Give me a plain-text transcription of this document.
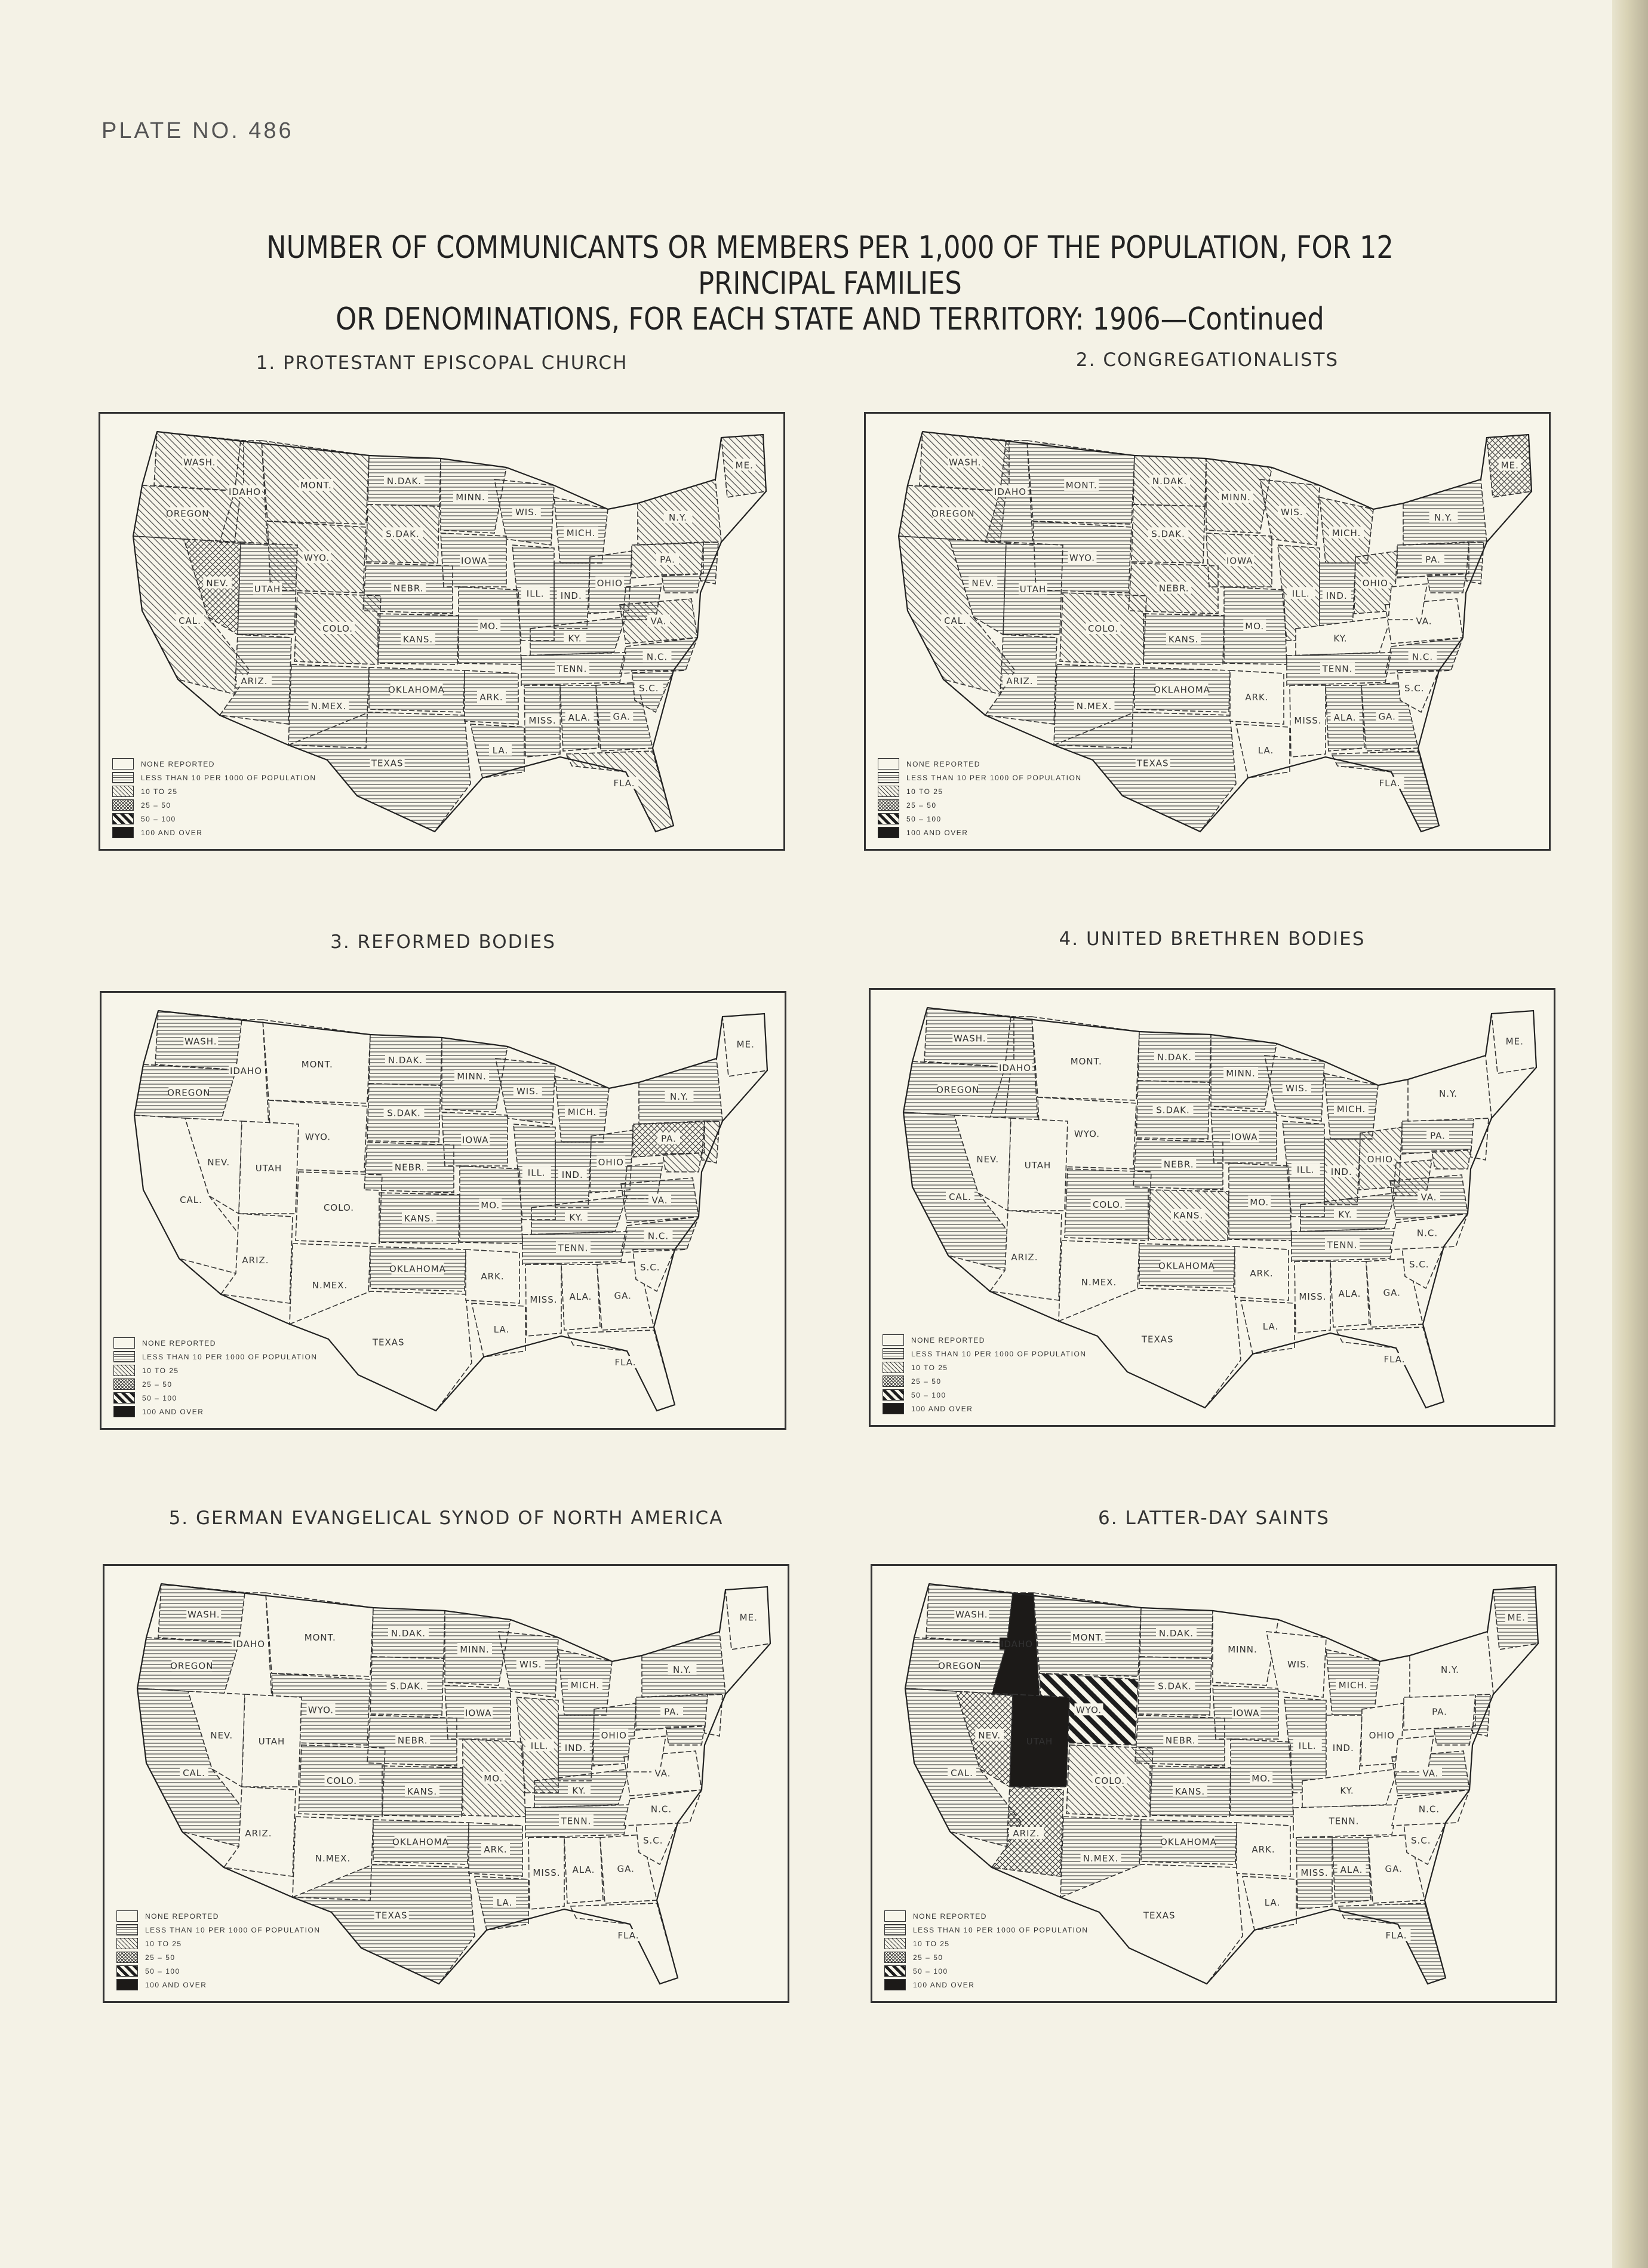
PLATE NO. 486
NUMBER OF COMMUNICANTS OR MEMBERS PER 1,000 OF THE POPULATION, FOR 12 PRINCIPAL FAMILIES
OR DENOMINATIONS, FOR EACH STATE AND TERRITORY: 1906—Continued
1. PROTESTANT EPISCOPAL CHURCH
WASH.
OREGON
CAL.
IDAHO
NEV.
MONT.
WYO.
UTAH
COLO.
ARIZ.
N.MEX.
N.DAK.
S.DAK.
NEBR.
KANS.
OKLAHOMA
TEXAS
MINN.
IOWA
MO.
ARK.
LA.
WIS.
ILL.
MICH.
IND.
OHIO
KY.
TENN.
MISS. ALA. GA.
FLA.
S.C.
N.C.
VA.
PA.
N.Y.
ME.
NONE REPORTED
LESS THAN 10 PER 1000 OF POPULATION
10 TO 25
25 – 50
50 – 100
100 AND OVER
2. CONGREGATIONALISTS
WASH.
OREGON
CAL.
IDAHO
NEV.
MONT.
WYO.
UTAH
COLO.
ARIZ.
N.MEX.
N.DAK.
S.DAK.
NEBR.
KANS.
OKLAHOMA
TEXAS
MINN.
IOWA
MO.
ARK.
LA.
WIS.
ILL.
MICH.
IND.
OHIO
KY.
TENN.
MISS. ALA. GA.
FLA.
S.C.
N.C.
VA.
PA.
N.Y.
ME.
NONE REPORTED
LESS THAN 10 PER 1000 OF POPULATION
10 TO 25
25 – 50
50 – 100
100 AND OVER
3. REFORMED BODIES
WASH.
OREGON
CAL.
IDAHO
NEV.
MONT.
WYO.
UTAH
COLO.
ARIZ.
N.MEX.
N.DAK.
S.DAK.
NEBR.
KANS.
OKLAHOMA
TEXAS
MINN.
IOWA
MO.
ARK.
LA.
WIS.
ILL.
MICH.
IND.
OHIO
KY.
TENN.
MISS. ALA. GA.
FLA.
S.C.
N.C.
VA.
PA.
N.Y.
ME.
NONE REPORTED
LESS THAN 10 PER 1000 OF POPULATION
10 TO 25
25 – 50
50 – 100
100 AND OVER
4. UNITED BRETHREN BODIES
WASH.
OREGON
CAL.
IDAHO
NEV.
MONT.
WYO.
UTAH
COLO.
ARIZ.
N.MEX.
N.DAK.
S.DAK.
NEBR.
KANS.
OKLAHOMA
TEXAS
MINN.
IOWA
MO.
ARK.
LA.
WIS.
ILL.
MICH.
IND.
OHIO
KY.
TENN.
MISS. ALA. GA.
FLA.
S.C.
N.C.
VA.
PA.
N.Y.
ME.
NONE REPORTED
LESS THAN 10 PER 1000 OF POPULATION
10 TO 25
25 – 50
50 – 100
100 AND OVER
5. GERMAN EVANGELICAL SYNOD OF NORTH AMERICA
WASH.
OREGON
CAL.
IDAHO
NEV.
MONT.
WYO.
UTAH
COLO.
ARIZ.
N.MEX.
N.DAK.
S.DAK.
NEBR.
KANS.
OKLAHOMA
TEXAS
MINN.
IOWA
MO.
ARK.
LA.
WIS.
ILL.
MICH.
IND.
OHIO
KY.
TENN.
MISS. ALA. GA.
FLA.
S.C.
N.C.
VA.
PA.
N.Y.
ME.
NONE REPORTED
LESS THAN 10 PER 1000 OF POPULATION
10 TO 25
25 – 50
50 – 100
100 AND OVER
6. LATTER-DAY SAINTS
WASH.
OREGON
CAL.
IDAHO
NEV.
MONT.
WYO.
UTAH
COLO.
ARIZ.
N.MEX.
N.DAK.
S.DAK.
NEBR.
KANS.
OKLAHOMA
TEXAS
MINN.
IOWA
MO.
ARK.
LA.
WIS.
ILL.
MICH.
IND.
OHIO
KY.
TENN.
MISS. ALA. GA.
FLA.
S.C.
N.C.
VA.
PA.
N.Y.
ME.
NONE REPORTED
LESS THAN 10 PER 1000 OF POPULATION
10 TO 25
25 – 50
50 – 100
100 AND OVER
